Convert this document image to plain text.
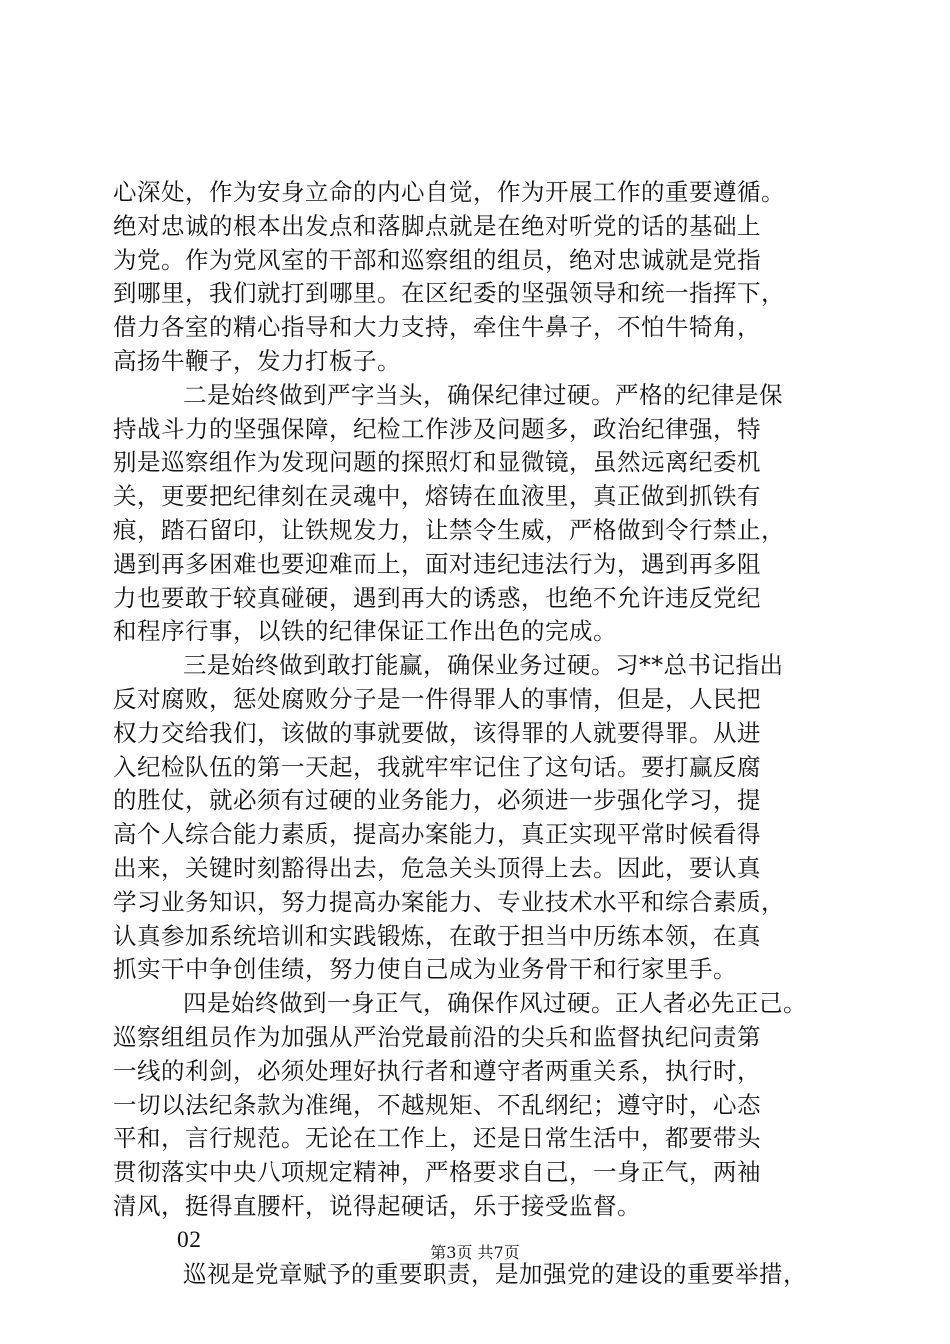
心深处，作为安身立命的内心自觉，作为开展工作的重要遵循。
绝对忠诚的根本出发点和落脚点就是在绝对听党的话的基础上
为党。作为党风室的干部和巡察组的组员，绝对忠诚就是党指
到哪里，我们就打到哪里。在区纪委的坚强领导和统一指挥下，
借力各室的精心指导和大力支持，牵住牛鼻子，不怕牛犄角，
高扬牛鞭子，发力打板子。
二是始终做到严字当头，确保纪律过硬。严格的纪律是保
持战斗力的坚强保障，纪检工作涉及问题多，政治纪律强，特
别是巡察组作为发现问题的探照灯和显微镜，虽然远离纪委机
关，更要把纪律刻在灵魂中，熔铸在血液里，真正做到抓铁有
痕，踏石留印，让铁规发力，让禁令生威，严格做到令行禁止，
遇到再多困难也要迎难而上，面对违纪违法行为，遇到再多阻
力也要敢于较真碰硬，遇到再大的诱惑，也绝不允许违反党纪
和程序行事，以铁的纪律保证工作出色的完成。
三是始终做到敢打能赢，确保业务过硬。习**总书记指出
反对腐败，惩处腐败分子是一件得罪人的事情，但是，人民把
权力交给我们，该做的事就要做，该得罪的人就要得罪。从进
入纪检队伍的第一天起，我就牢牢记住了这句话。要打赢反腐
的胜仗，就必须有过硬的业务能力，必须进一步强化学习，提
高个人综合能力素质，提高办案能力，真正实现平常时候看得
出来，关键时刻豁得出去，危急关头顶得上去。因此，要认真
学习业务知识，努力提高办案能力、专业技术水平和综合素质，
认真参加系统培训和实践锻炼，在敢于担当中历练本领，在真
抓实干中争创佳绩，努力使自己成为业务骨干和行家里手。
四是始终做到一身正气，确保作风过硬。正人者必先正己。
巡察组组员作为加强从严治党最前沿的尖兵和监督执纪问责第
一线的利剑，必须处理好执行者和遵守者两重关系，执行时，
一切以法纪条款为准绳，不越规矩、不乱纲纪；遵守时，心态
平和，言行规范。无论在工作上，还是日常生活中，都要带头
贯彻落实中央八项规定精神，严格要求自己，一身正气，两袖
清风，挺得直腰杆，说得起硬话，乐于接受监督。
02
巡视是党章赋予的重要职责，是加强党的建设的重要举措，
第3页 共7页
